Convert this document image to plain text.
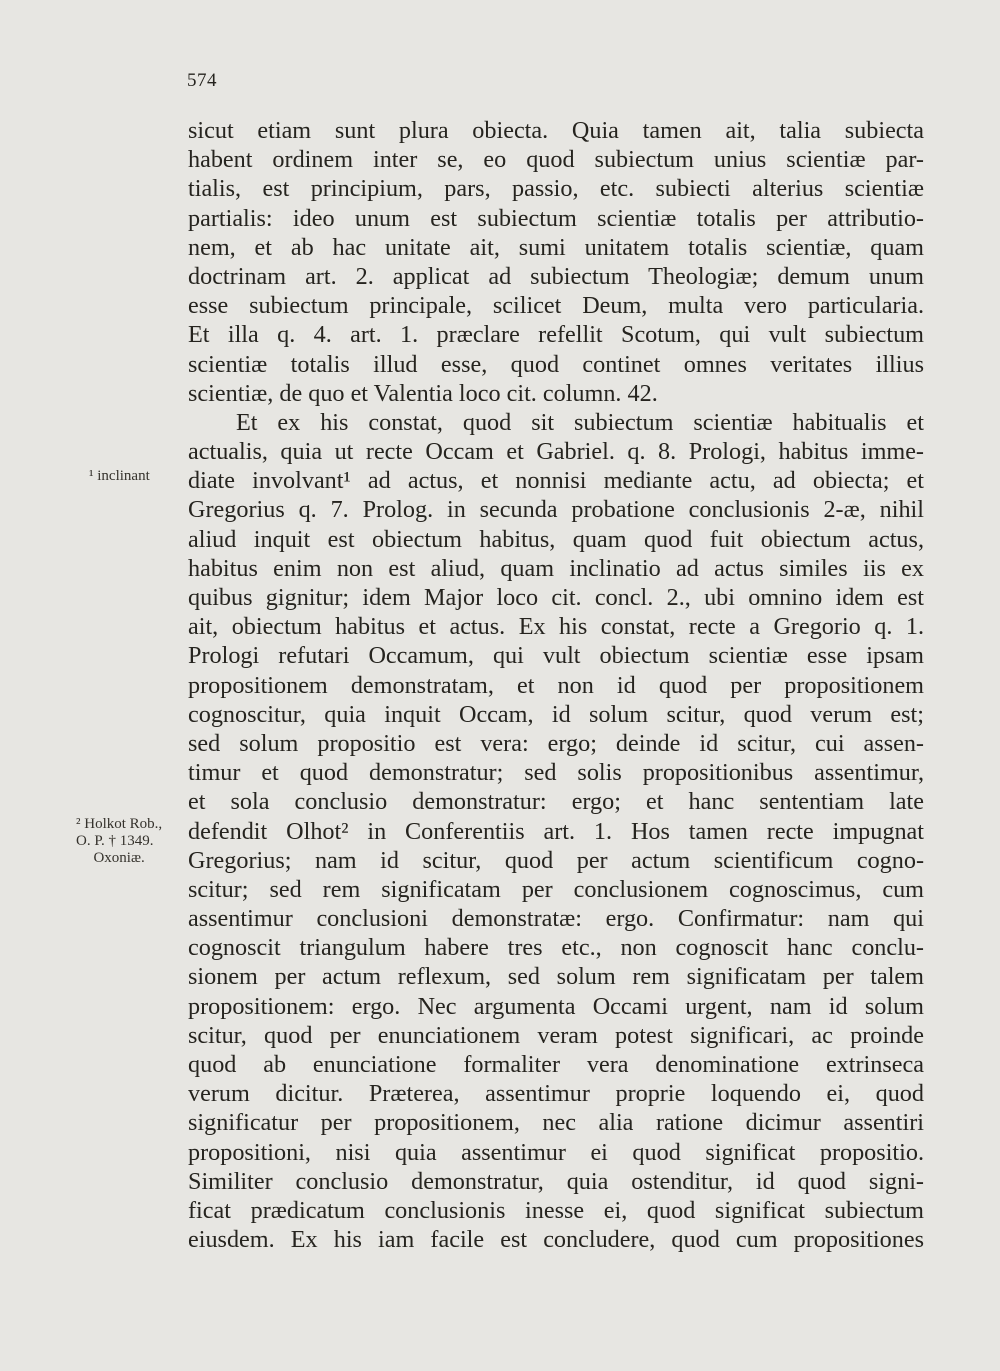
574
¹ inclinant
² Holkot Rob.,
O. P. † 1349.
Oxoniæ.
sicut etiam sunt plura obiecta. Quia tamen ait, talia subiecta
habent ordinem inter se, eo quod subiectum unius scientiæ par-
tialis, est principium, pars, passio, etc. subiecti alterius scientiæ
partialis: ideo unum est subiectum scientiæ totalis per attributio-
nem, et ab hac unitate ait, sumi unitatem totalis scientiæ, quam
doctrinam art. 2. applicat ad subiectum Theologiæ; demum unum
esse subiectum principale, scilicet Deum, multa vero particularia.
Et illa q. 4. art. 1. præclare refellit Scotum, qui vult subiectum
scientiæ totalis illud esse, quod continet omnes veritates illius
scientiæ, de quo et Valentia loco cit. column. 42.
Et ex his constat, quod sit subiectum scientiæ habitualis et
actualis, quia ut recte Occam et Gabriel. q. 8. Prologi, habitus imme-
diate involvant¹ ad actus, et nonnisi mediante actu, ad obiecta; et
Gregorius q. 7. Prolog. in secunda probatione conclusionis 2-æ, nihil
aliud inquit est obiectum habitus, quam quod fuit obiectum actus,
habitus enim non est aliud, quam inclinatio ad actus similes iis ex
quibus gignitur; idem Major loco cit. concl. 2., ubi omnino idem est
ait, obiectum habitus et actus. Ex his constat, recte a Gregorio q. 1.
Prologi refutari Occamum, qui vult obiectum scientiæ esse ipsam
propositionem demonstratam, et non id quod per propositionem
cognoscitur, quia inquit Occam, id solum scitur, quod verum est;
sed solum propositio est vera: ergo; deinde id scitur, cui assen-
timur et quod demonstratur; sed solis propositionibus assentimur,
et sola conclusio demonstratur: ergo; et hanc sententiam late
defendit Olhot² in Conferentiis art. 1. Hos tamen recte impugnat
Gregorius; nam id scitur, quod per actum scientificum cogno-
scitur; sed rem significatam per conclusionem cognoscimus, cum
assentimur conclusioni demonstratæ: ergo. Confirmatur: nam qui
cognoscit triangulum habere tres etc., non cognoscit hanc conclu-
sionem per actum reflexum, sed solum rem significatam per talem
propositionem: ergo. Nec argumenta Occami urgent, nam id solum
scitur, quod per enunciationem veram potest significari, ac proinde
quod ab enunciatione formaliter vera denominatione extrinseca
verum dicitur. Præterea, assentimur proprie loquendo ei, quod
significatur per propositionem, nec alia ratione dicimur assentiri
propositioni, nisi quia assentimur ei quod significat propositio.
Similiter conclusio demonstratur, quia ostenditur, id quod signi-
ficat prædicatum conclusionis inesse ei, quod significat subiectum
eiusdem. Ex his iam facile est concludere, quod cum propositiones
